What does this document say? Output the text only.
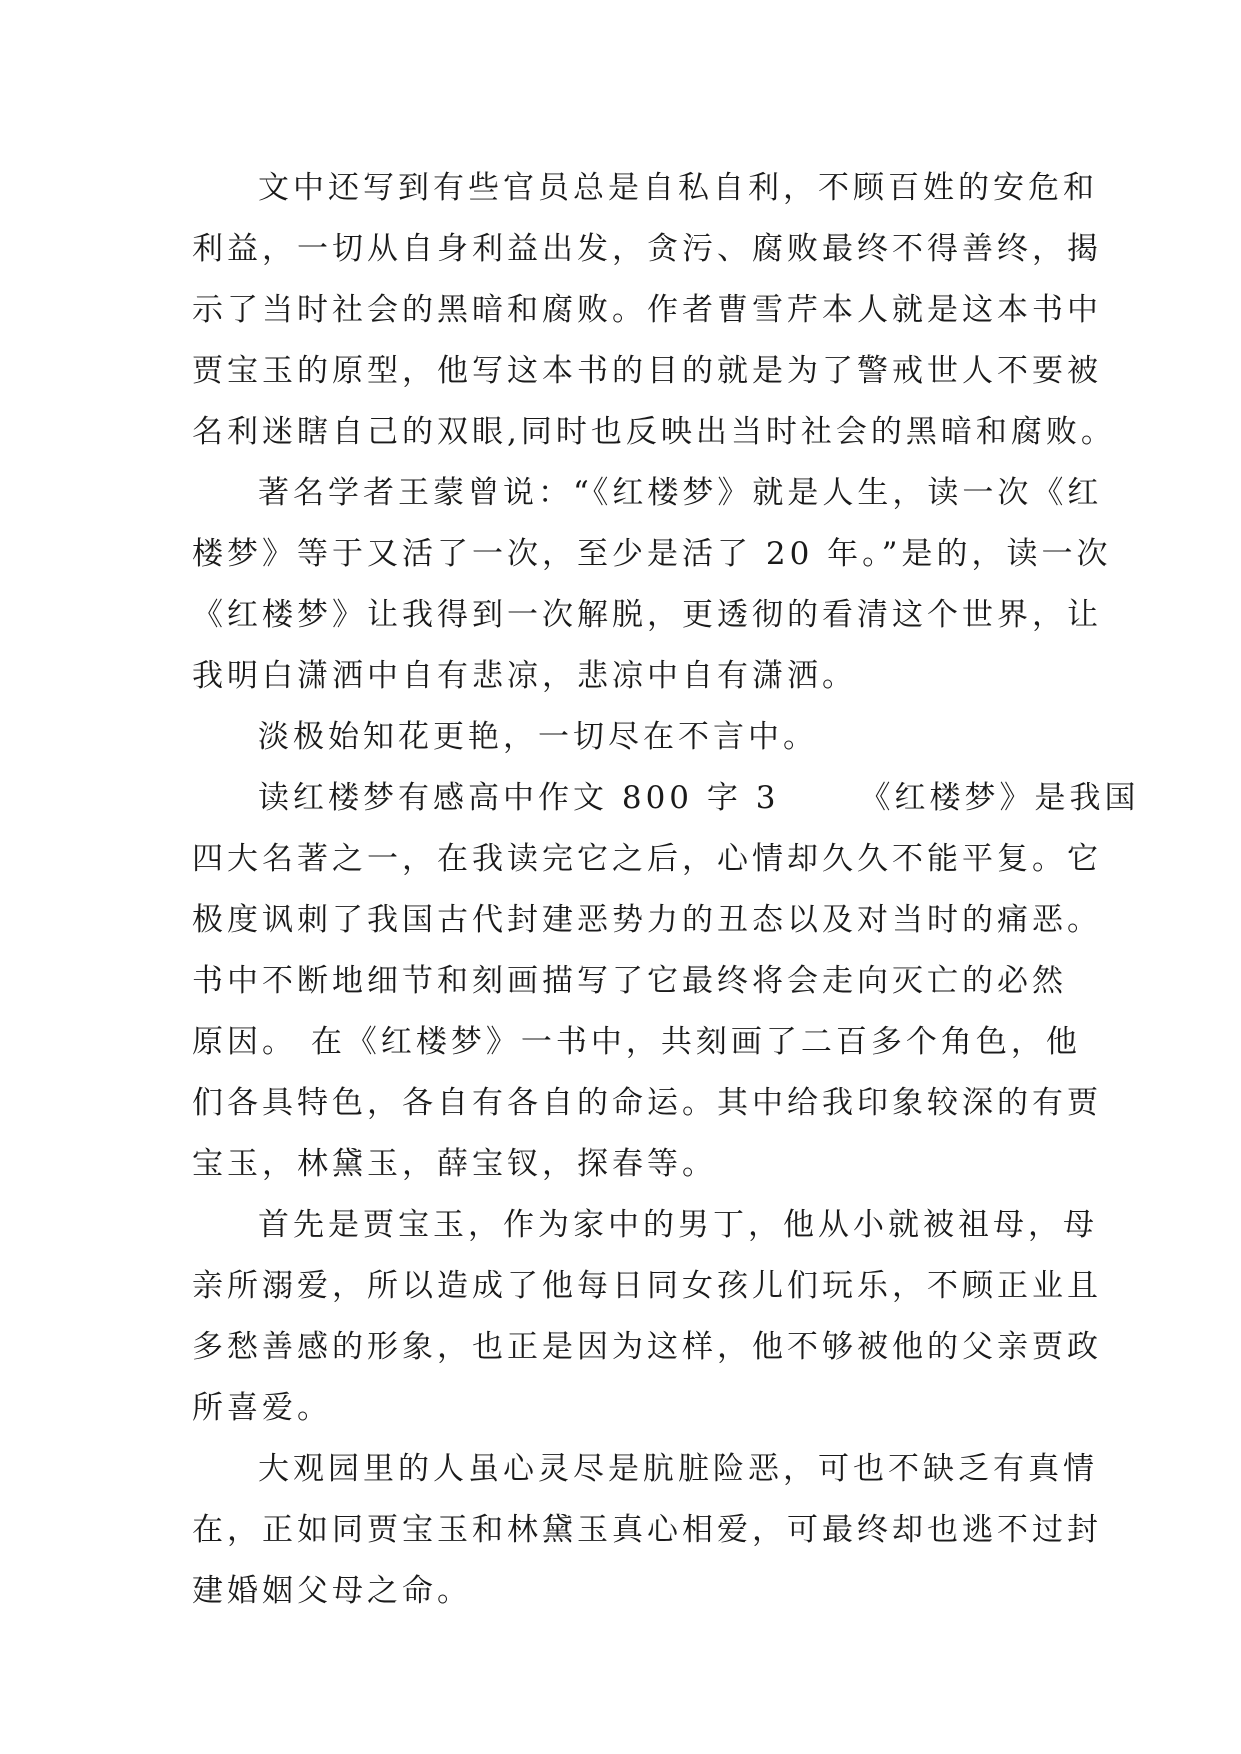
文中还写到有些官员总是自私自利，不顾百姓的安危和
利益，一切从自身利益出发，贪污、腐败最终不得善终，揭
示了当时社会的黑暗和腐败。作者曹雪芹本人就是这本书中
贾宝玉的原型，他写这本书的目的就是为了警戒世人不要被
名利迷瞎自己的双眼,同时也反映出当时社会的黑暗和腐败。
著名学者王蒙曾说：“《红楼梦》就是人生，读一次《红
楼梦》等于又活了一次，至少是活了 20 年。”是的，读一次
《红楼梦》让我得到一次解脱，更透彻的看清这个世界，让
我明白潇洒中自有悲凉，悲凉中自有潇洒。
淡极始知花更艳，一切尽在不言中。
读红楼梦有感高中作文 800 字 3	《红楼梦》是我国
四大名著之一，在我读完它之后，心情却久久不能平复。它
极度讽刺了我国古代封建恶势力的丑态以及对当时的痛恶。
书中不断地细节和刻画描写了它最终将会走向灭亡的必然
原因。 在《红楼梦》一书中，共刻画了二百多个角色，他
们各具特色，各自有各自的命运。其中给我印象较深的有贾
宝玉，林黛玉，薛宝钗，探春等。
首先是贾宝玉，作为家中的男丁，他从小就被祖母，母
亲所溺爱，所以造成了他每日同女孩儿们玩乐，不顾正业且
多愁善感的形象，也正是因为这样，他不够被他的父亲贾政
所喜爱。
大观园里的人虽心灵尽是肮脏险恶，可也不缺乏有真情
在，正如同贾宝玉和林黛玉真心相爱，可最终却也逃不过封
建婚姻父母之命。
